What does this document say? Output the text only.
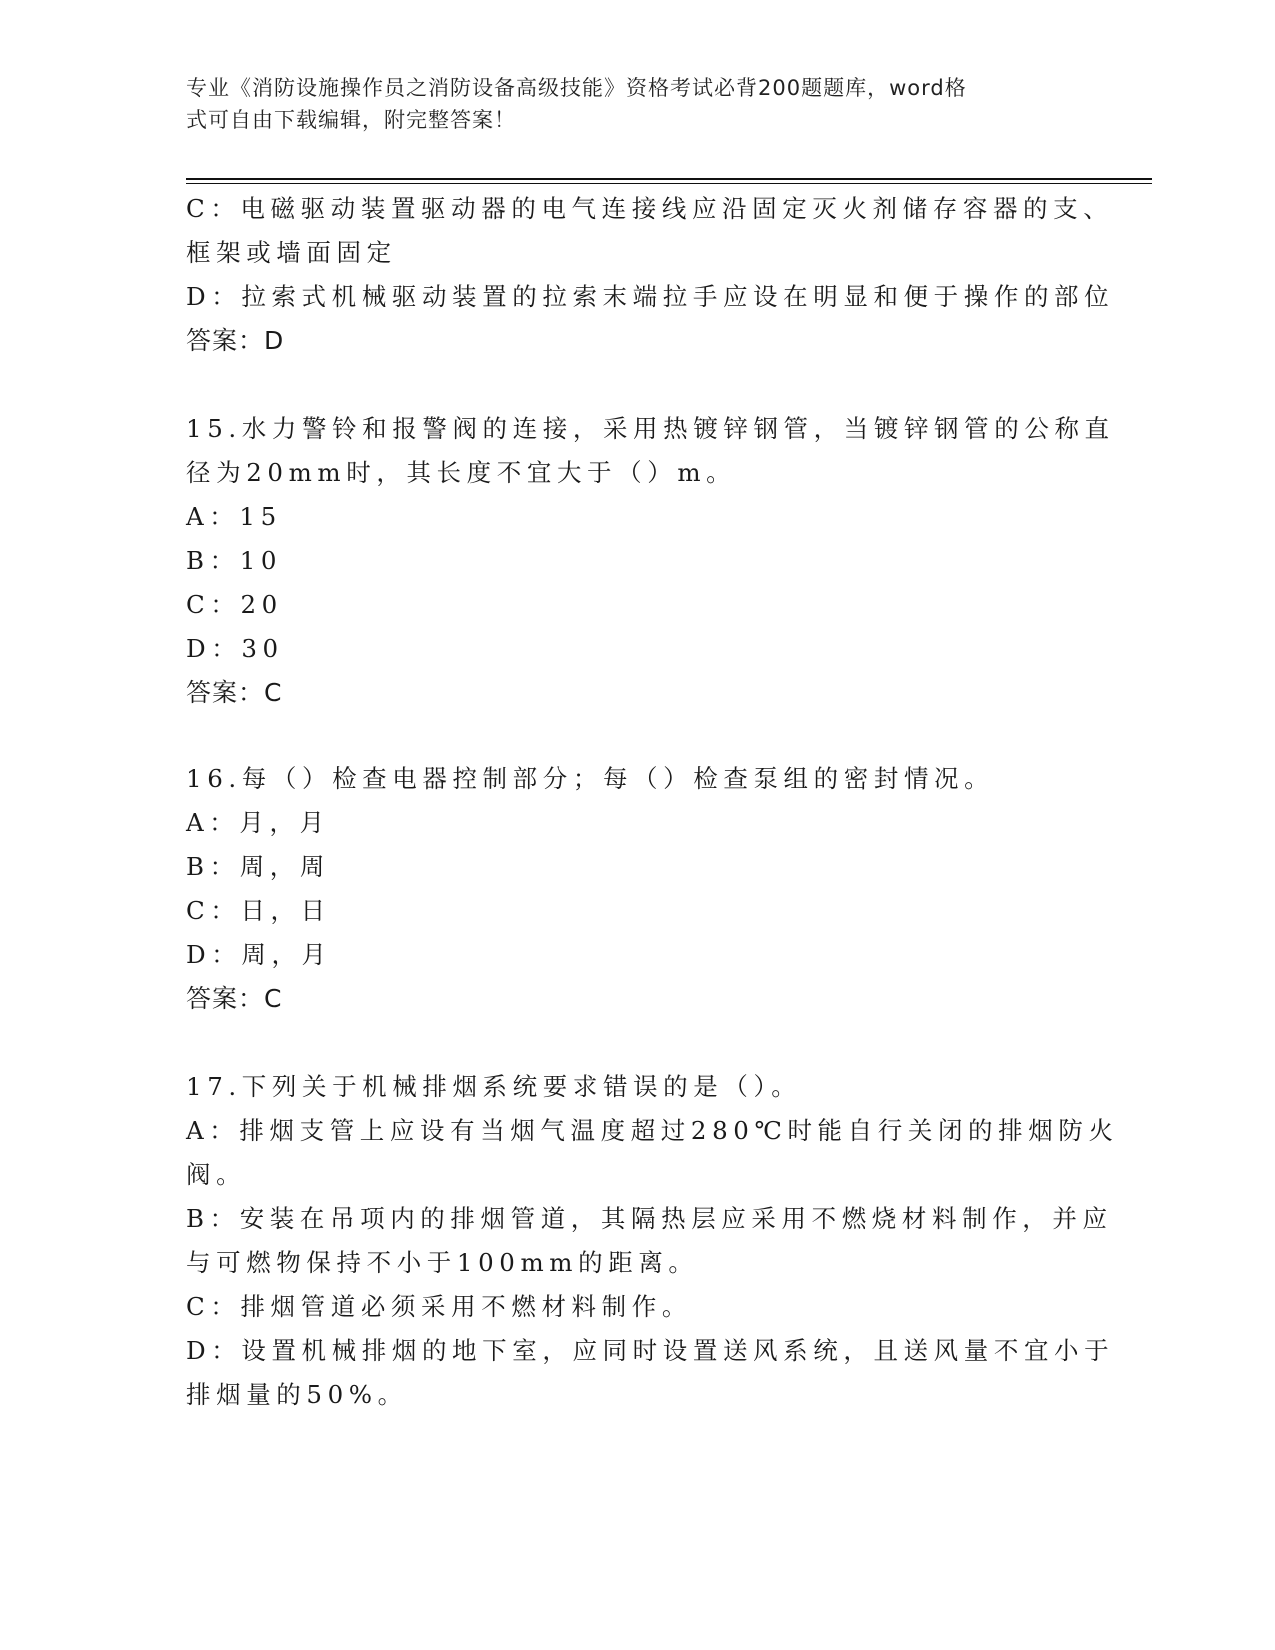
专业《消防设施操作员之消防设备高级技能》资格考试必背200题题库，word格
式可自由下载编辑，附完整答案！
C：电磁驱动装置驱动器的电气连接线应沿固定灭火剂储存容器的支、
框架或墙面固定
D：拉索式机械驱动装置的拉索末端拉手应设在明显和便于操作的部位
答案：D
15.水力警铃和报警阀的连接，采用热镀锌钢管，当镀锌钢管的公称直
径为20mm时，其长度不宜大于（）m。
A：15
B：10
C：20
D：30
答案：C
16.每（）检查电器控制部分；每（）检查泵组的密封情况。
A：月，月
B：周，周
C：日，日
D：周，月
答案：C
17.下列关于机械排烟系统要求错误的是（）。
A：排烟支管上应设有当烟气温度超过280℃时能自行关闭的排烟防火
阀。
B：安装在吊项内的排烟管道，其隔热层应采用不燃烧材料制作，并应
与可燃物保持不小于100mm的距离。
C：排烟管道必须采用不燃材料制作。
D：设置机械排烟的地下室，应同时设置送风系统，且送风量不宜小于
排烟量的50%。
